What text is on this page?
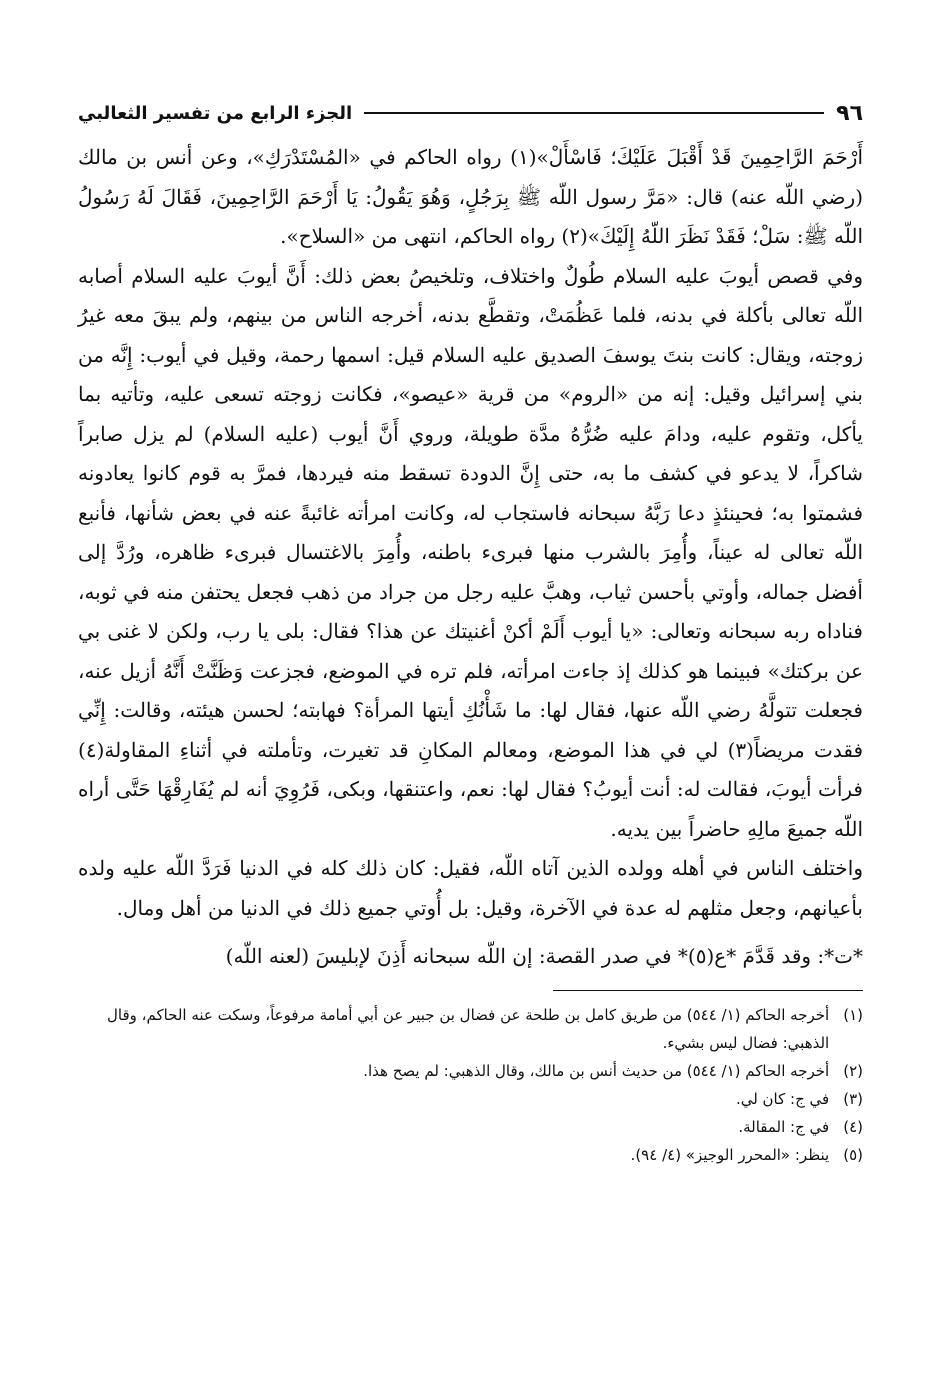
٩٦
الجزء الرابع من تفسير الثعالبي

أَرْحَمَ الرَّاحِمِينَ قَدْ أَقْبَلَ عَلَيْكَ؛ فَاسْأَلْ»(١) رواه الحاكم في «المُسْتَدْرَكِ»، وعن أنس بن مالك (رضي اللّه عنه) قال: «مَرَّ رسول اللّه ﷺ بِرَجُلٍ، وَهُوَ يَقُولُ: يَا أَرْحَمَ الرَّاحِمِينَ، فَقَالَ لَهُ رَسُولُ اللّه ﷺ: سَلْ؛ فَقَدْ نَظَرَ اللّهُ إِلَيْكَ»(٢) رواه الحاكم، انتهى من «السلاح».

وفي قصص أيوبَ عليه السلام طُولٌ واختلاف، وتلخيصُ بعض ذلك: أَنَّ أيوبَ عليه السلام أصابه اللّه تعالى بأكلة في بدنه، فلما عَظُمَتْ، وتقطَّع بدنه، أخرجه الناس من بينهم، ولم يبقَ معه غيرُ زوجته، ويقال: كانت بنتَ يوسفَ الصديق عليه السلام قيل: اسمها رحمة، وقيل في أيوب: إِنَّه من بني إسرائيل وقيل: إنه من «الروم» من قرية «عيصو»، فكانت زوجته تسعى عليه، وتأتيه بما يأكل، وتقوم عليه، ودامَ عليه ضُرُّهُ مدَّة طويلة، وروي أَنَّ أيوب (عليه السلام) لم يزل صابراً شاكراً، لا يدعو في كشف ما به، حتى إِنَّ الدودة تسقط منه فيردها، فمرَّ به قوم كانوا يعادونه فشمتوا به؛ فحينئذٍ دعا رَبَّهُ سبحانه فاستجاب له، وكانت امرأته غائبةً عنه في بعض شأنها، فأنبع اللّه تعالى له عيناً، وأُمِرَ بالشرب منها فبرىء باطنه، وأُمِرَ بالاغتسال فبرىء ظاهره، ورُدَّ إلى أفضل جماله، وأوتي بأحسن ثياب، وهبَّ عليه رجل من جراد من ذهب فجعل يحتفن منه في ثوبه، فناداه ربه سبحانه وتعالى: «يا أيوب أَلَمْ أكنْ أغنيتك عن هذا؟ فقال: بلى يا رب، ولكن لا غنى بي عن بركتك» فبينما هو كذلك إذ جاءت امرأته، فلم تره في الموضع، فجزعت وَظَنَّتْ أَنَّهُ أزيل عنه، فجعلت تتولَّهُ رضي اللّه عنها، فقال لها: ما شَأْنُكِ أيتها المرأة؟ فهابته؛ لحسن هيئته، وقالت: إِنِّي فقدت مريضاً(٣) لي في هذا الموضع، ومعالم المكانِ قد تغيرت، وتأملته في أثناءِ المقاولة(٤) فرأت أيوبَ، فقالت له: أنت أيوبُ؟ فقال لها: نعم، واعتنقها، وبكى، فَرُوِيَ أنه لم يُفَارِقْهَا حَتَّى أراه اللّه جميعَ مالِهِ حاضراً بين يديه.

واختلف الناس في أهله وولده الذين آتاه اللّه، فقيل: كان ذلك كله في الدنيا فَرَدَّ اللّه عليه ولده بأعيانهم، وجعل مثلهم له عدة في الآخرة، وقيل: بل أُوتي جميع ذلك في الدنيا من أهل ومال.

*ت*: وقد قَدَّمَ *ع(٥)* في صدر القصة: إن اللّه سبحانه أَذِنَ لإبليسَ (لعنه اللّه)
(١)
أخرجه الحاكم (١/ ٥٤٤) من طريق كامل بن طلحة عن فضال بن جبير عن أبي أمامة مرفوعاً، وسكت عنه الحاكم، وقال الذهبي: فضال ليس بشيء.
(٢)
أخرجه الحاكم (١/ ٥٤٤) من حديث أنس بن مالك، وقال الذهبي: لم يصح هذا.
(٣)
في ج: كان لي.
(٤)
في ج: المقالة.
(٥)
ينظر: «المحرر الوجيز» (٤/ ٩٤).
